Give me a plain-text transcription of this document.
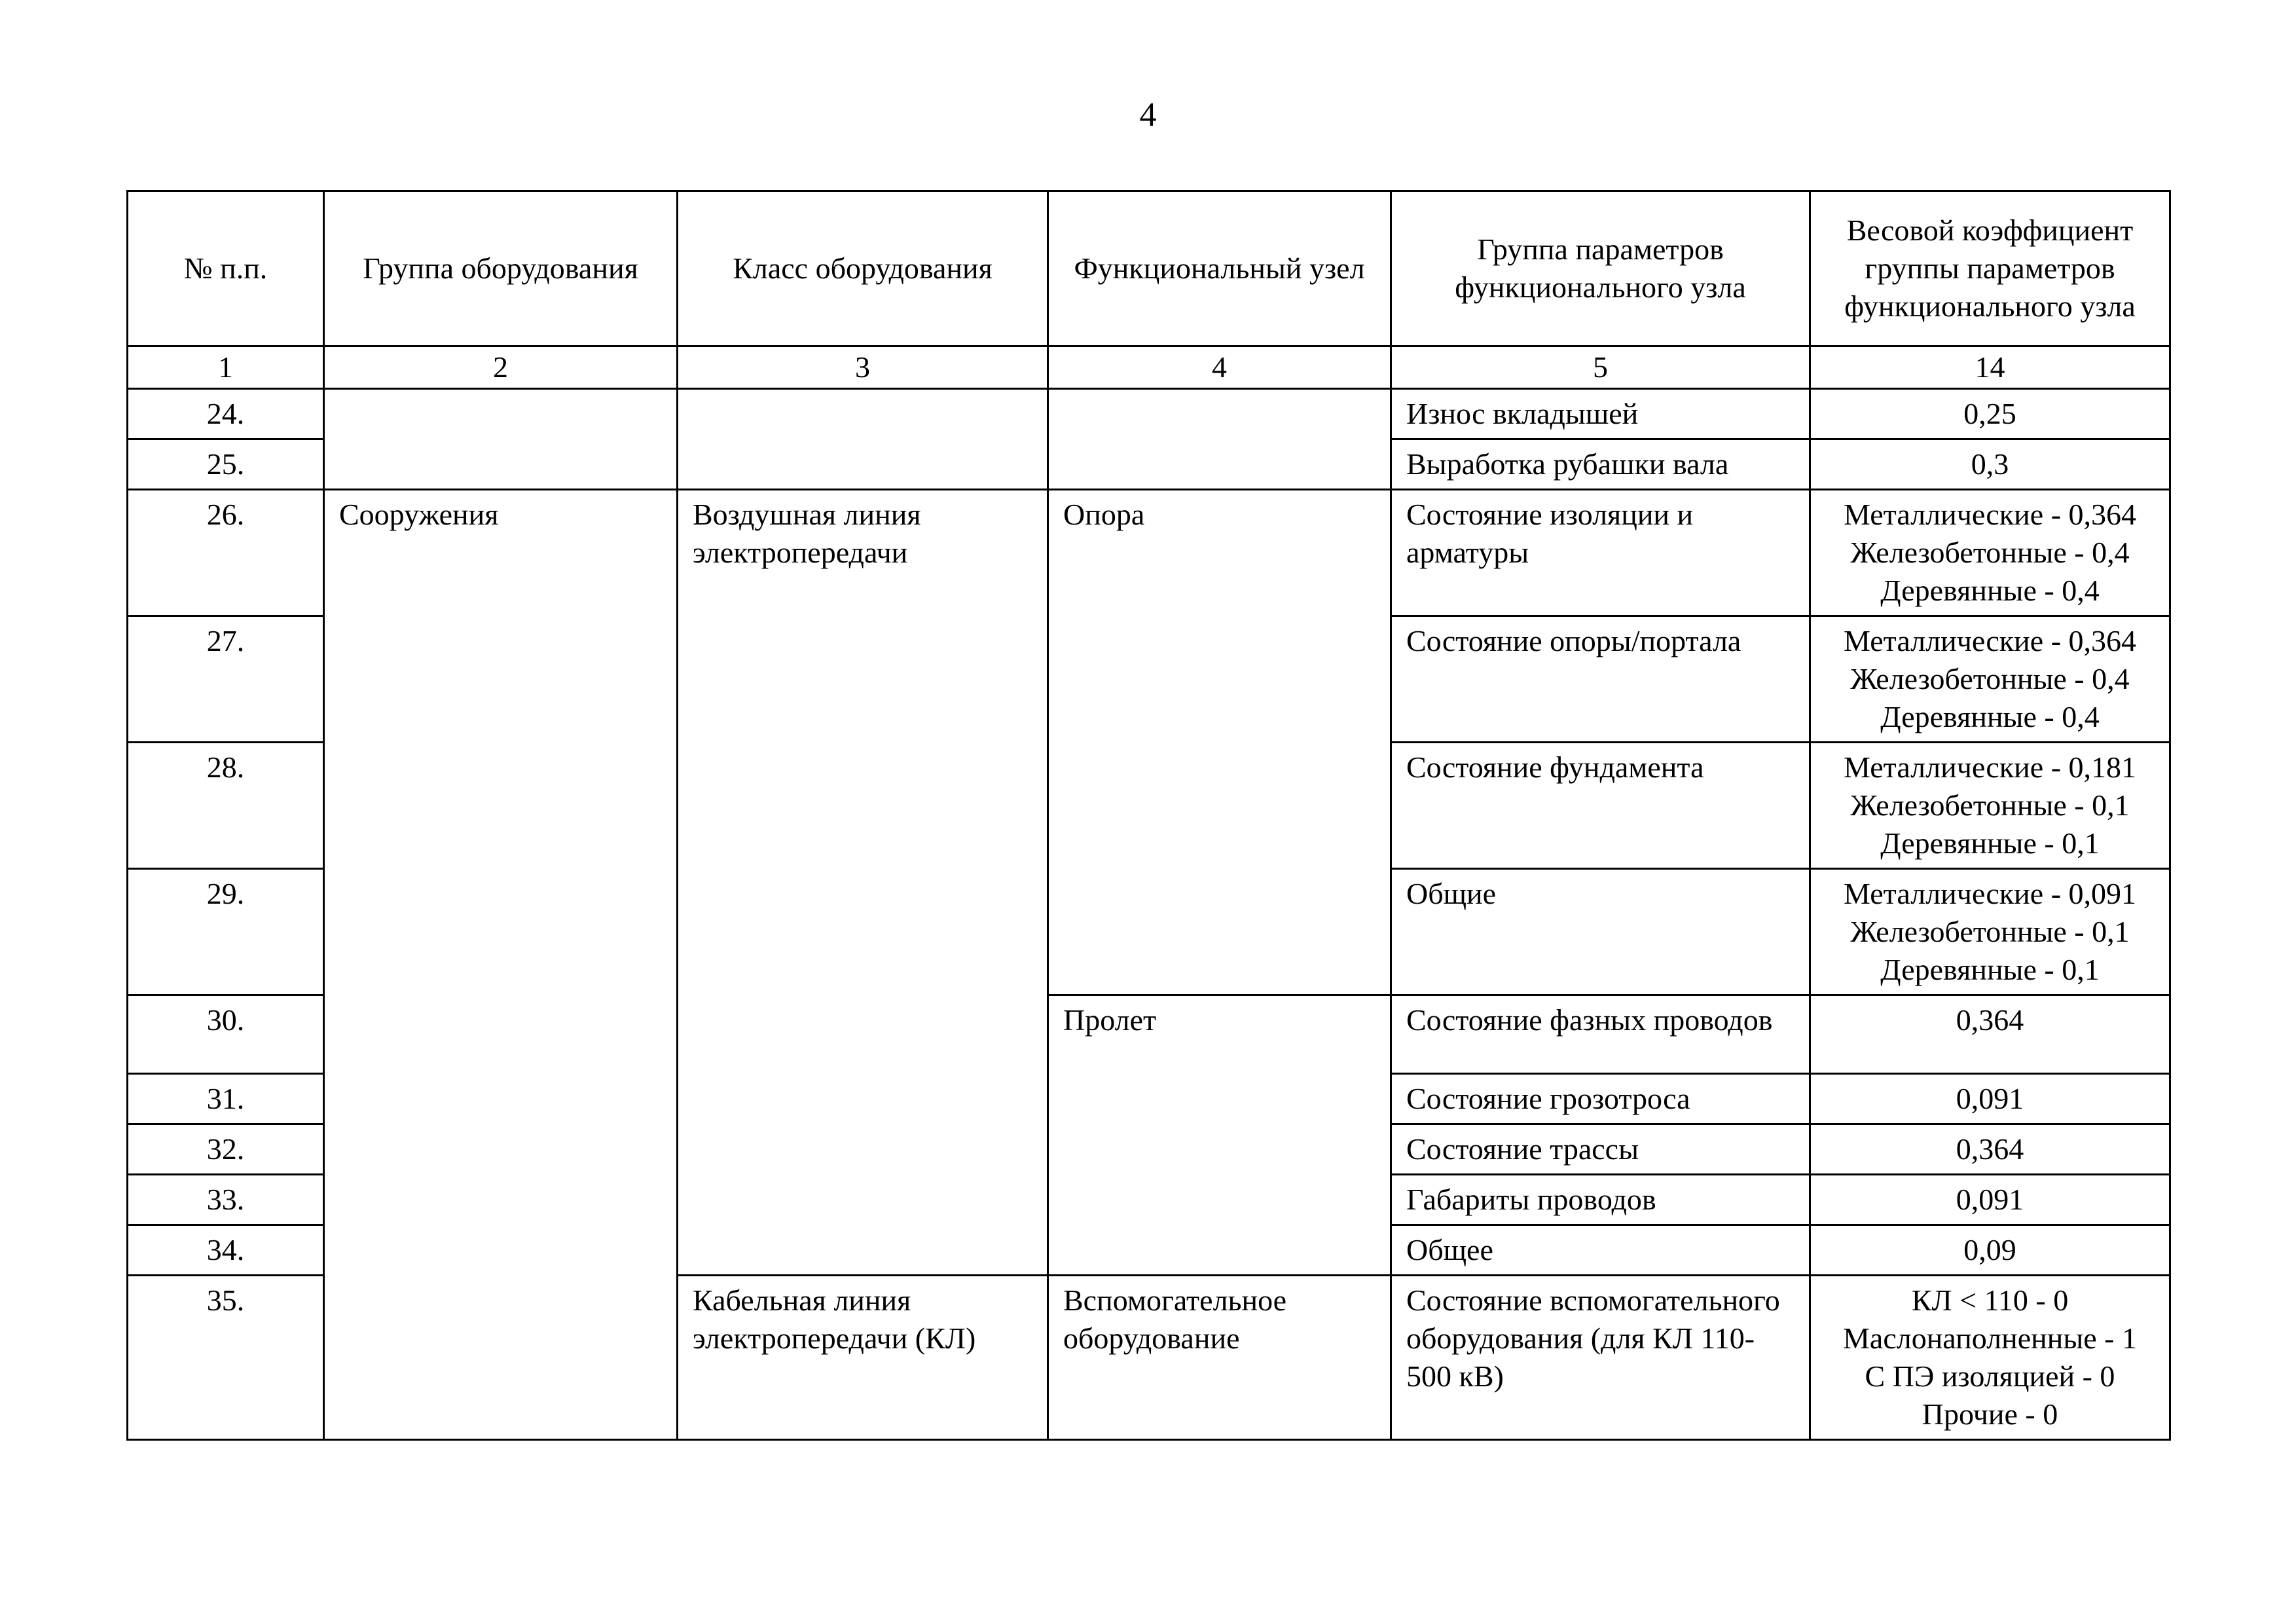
4
№ п.п.	Группа оборудования	Класс оборудования	Функциональный узел	Группа параметров функционального узла	Весовой коэффициент группы параметров функционального узла
1	2	3	4	5	14
24.				Износ вкладышей	0,25

25.				Выработка рубашки вала	0,3

26.	Сооружения	Воздушная линия электропередачи	Опора	Состояние изоляции и арматуры	Металлические - 0,364
Железобетонные - 0,4
Деревянные - 0,4

27.				Состояние опоры/портала	Металлические - 0,364
Железобетонные - 0,4
Деревянные - 0,4

28.				Состояние фундамента	Металлические - 0,181
Железобетонные - 0,1
Деревянные - 0,1

29.				Общие	Металлические - 0,091
Железобетонные - 0,1
Деревянные - 0,1

30.			Пролет	Состояние фазных проводов	0,364

31.				Состояние грозотроса	0,091

32.				Состояние трассы	0,364

33.				Габариты проводов	0,091

34.				Общее	0,09

35.		Кабельная линия электропередачи (КЛ)	Вспомогательное оборудование	Состояние вспомогательного оборудования (для КЛ 110-500 кВ)	КЛ < 110 - 0
Маслонаполненные - 1
С ПЭ изоляцией - 0
Прочие - 0
